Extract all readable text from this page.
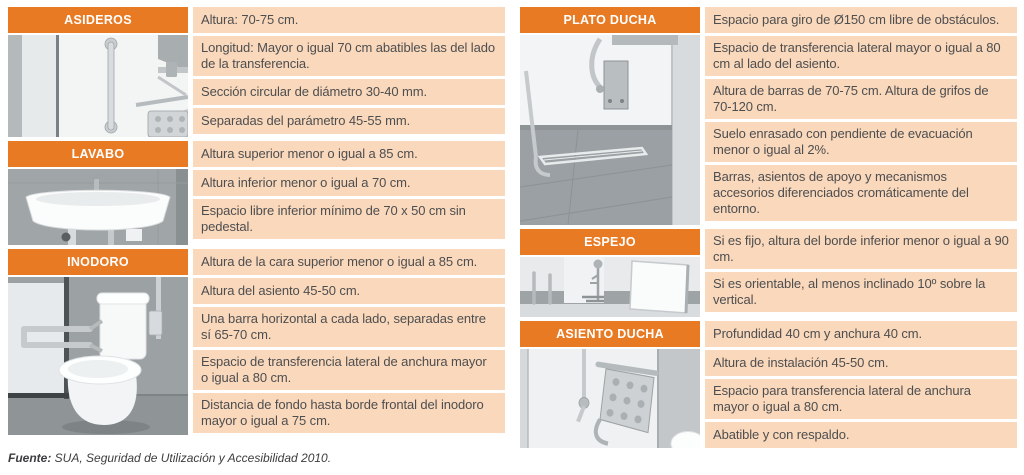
ASIDEROS	Altura: 70-75 cm.
Longitud: Mayor o igual 70 cm abatibles las del lado de la transferencia.
Sección circular de diámetro 30-40 mm.
Separadas del parámetro 45-55 mm.
LAVABO	Altura superior menor o igual a 85 cm.
Altura inferior menor o igual a 70 cm.
Espacio libre inferior mínimo de 70 x 50 cm sin pedestal.
INODORO	Altura de la cara superior menor o igual a 85 cm.
Altura del asiento 45-50 cm.
Una barra horizontal a cada lado, separadas entre sí 65-70 cm.
Espacio de transferencia lateral de anchura mayor o igual a 80 cm.
Distancia de fondo hasta borde frontal del inodoro mayor o igual a 75 cm.
PLATO DUCHA	Espacio para giro de Ø150 cm libre de obstáculos.
Espacio de transferencia lateral mayor o igual a 80 cm al lado del asiento.
Altura de barras de 70-75 cm. Altura de grifos de 70-120 cm.
Suelo enrasado con pendiente de evacuación menor o igual al 2%.
Barras, asientos de apoyo y mecanismos accesorios diferenciados cromáticamente del entorno.
ESPEJO	Si es fijo, altura del borde inferior menor o igual a 90 cm.
Si es orientable, al menos inclinado 10º sobre la vertical.
ASIENTO DUCHA	Profundidad 40 cm y anchura 40 cm.
Altura de instalación 45-50 cm.
Espacio para transferencia lateral de anchura mayor o igual a 80 cm.
Abatible y con respaldo.
Fuente: SUA, Seguridad de Utilización y Accesibilidad 2010.
